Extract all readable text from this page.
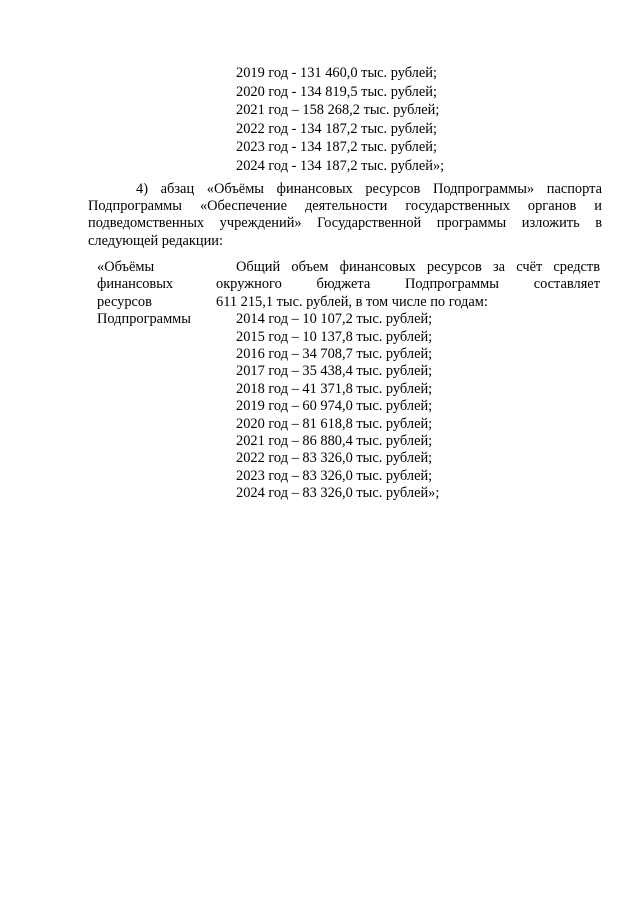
2019 год - 131 460,0 тыс. рублей;
2020 год - 134 819,5 тыс. рублей;
2021 год – 158 268,2 тыс. рублей;
2022 год - 134 187,2 тыс. рублей;
2023 год - 134 187,2 тыс. рублей;
2024 год - 134 187,2 тыс. рублей»;
4) абзац «Объёмы финансовых ресурсов Подпрограммы» паспорта
Подпрограммы «Обеспечение деятельности государственных органов и
подведомственных учреждений» Государственной программы изложить в
следующей редакции:
«Объёмы
финансовых
ресурсов
Подпрограммы
Общий объем финансовых ресурсов за счёт средств
окружного бюджета Подпрограммы составляет
611 215,1 тыс. рублей, в том числе по годам:
2014 год – 10 107,2 тыс. рублей;
2015 год – 10 137,8 тыс. рублей;
2016 год – 34 708,7 тыс. рублей;
2017 год – 35 438,4 тыс. рублей;
2018 год – 41 371,8 тыс. рублей;
2019 год – 60 974,0 тыс. рублей;
2020 год – 81 618,8 тыс. рублей;
2021 год – 86 880,4 тыс. рублей;
2022 год – 83 326,0 тыс. рублей;
2023 год – 83 326,0 тыс. рублей;
2024 год – 83 326,0 тыс. рублей»;
